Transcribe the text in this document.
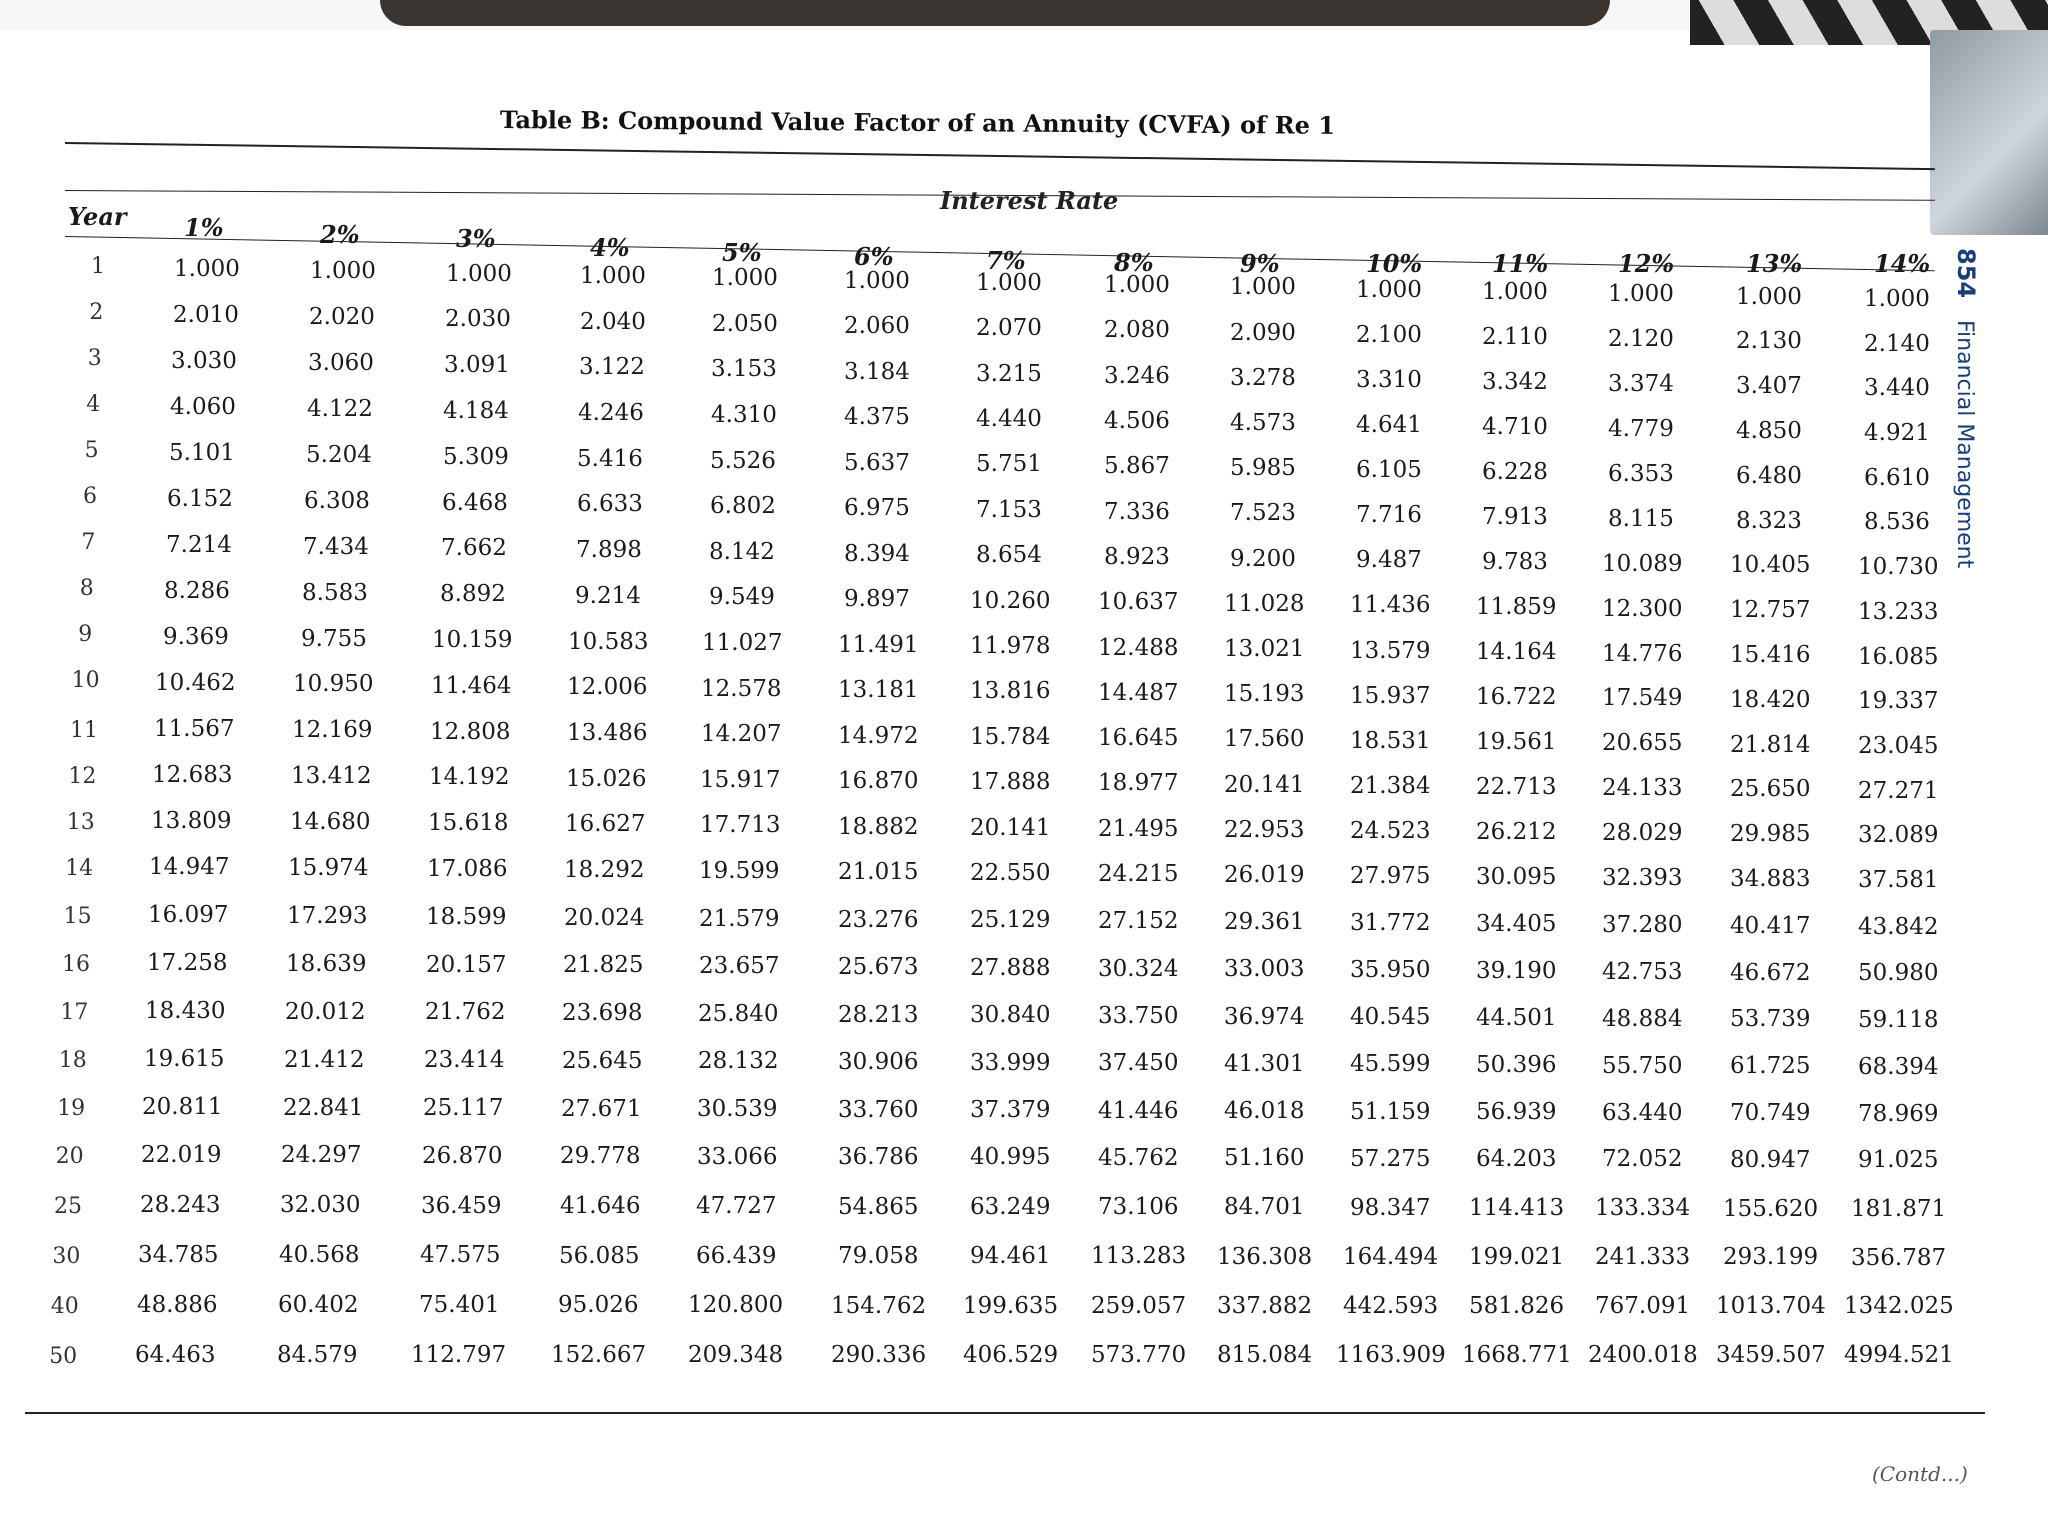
Table B: Compound Value Factor of an Annuity (CVFA) of Re 1
Interest Rate
Year
854
Financial Management
1%	2%	3%	4%	5%	6%	7%	8%	9%	10%	11%	12%	13%	14%
1	1.000	1.000	1.000	1.000	1.000	1.000	1.000	1.000	1.000	1.000	1.000	1.000	1.000	1.000
2	2.010	2.020	2.030	2.040	2.050	2.060	2.070	2.080	2.090	2.100	2.110	2.120	2.130	2.140
3	3.030	3.060	3.091	3.122	3.153	3.184	3.215	3.246	3.278	3.310	3.342	3.374	3.407	3.440
4	4.060	4.122	4.184	4.246	4.310	4.375	4.440	4.506	4.573	4.641	4.710	4.779	4.850	4.921
5	5.101	5.204	5.309	5.416	5.526	5.637	5.751	5.867	5.985	6.105	6.228	6.353	6.480	6.610
6	6.152	6.308	6.468	6.633	6.802	6.975	7.153	7.336	7.523	7.716	7.913	8.115	8.323	8.536
7	7.214	7.434	7.662	7.898	8.142	8.394	8.654	8.923	9.200	9.487	9.783 10.089 10.405 10.730
8	8.286	8.583	8.892	9.214	9.549	9.897	10.260 10.637 11.028 11.436 11.859 12.300 12.757 13.233
9	9.369	9.755	10.159 10.583 11.027 11.491 11.978 12.488 13.021 13.579 14.164 14.776 15.416 16.085
10 10.462	10.950	11.464 12.006 12.578 13.181 13.816 14.487 15.193 15.937 16.722 17.549 18.420 19.337
11 11.567	12.169	12.808 13.486 14.207 14.972 15.784 16.645 17.560 18.531 19.561 20.655 21.814 23.045
12 12.683	13.412	14.192 15.026 15.917	16.870 17.888 18.977 20.141 21.384 22.713 24.133 25.650 27.271
13 13.809	14.680	15.618 16.627 17.713	18.882 20.141 21.495 22.953 24.523 26.212 28.029 29.985 32.089
14 14.947	15.974	17.086 18.292 19.599	21.015 22.550 24.215 26.019 27.975 30.095 32.393 34.883 37.581
15 16.097	17.293	18.599	20.024 21.579	23.276 25.129 27.152 29.361 31.772 34.405 37.280 40.417 43.842
16 17.258	18.639	20.157 21.825 23.657	25.673 27.888 30.324 33.003 35.950 39.190 42.753 46.672 50.980
17 18.430	20.012	21.762 23.698 25.840	28.213 30.840 33.750 36.974 40.545 44.501 48.884 53.739 59.118
18 19.615	21.412	23.414	25.645 28.132	30.906 33.999 37.450 41.301 45.599 50.396 55.750 61.725 68.394
19 20.811	22.841	25.117	27.671 30.539	33.760 37.379 41.446 46.018 51.159 56.939 63.440 70.749 78.969
20 22.019	24.297	26.870	29.778 33.066	36.786 40.995 45.762 51.160 57.275 64.203 72.052 80.947 91.025
25	28.243	32.030	36.459	41.646 47.727	54.865 63.249 73.106 84.701 98.347 114.413 133.334 155.620 181.871
30	34.785	40.568	47.575	56.085 66.439	79.058 94.461 113.283 136.308 164.494 199.021 241.333 293.199 356.787
40	48.886	60.402	75.401	95.026 120.800 154.762 199.635 259.057 337.882 442.593 581.826 767.091 1013.704 1342.025
50	64.463	84.579 112.797 152.667 209.348 290.336 406.529 573.770 815.084 1163.909 1668.771 2400.018 3459.507 4994.521
(Contd...)
